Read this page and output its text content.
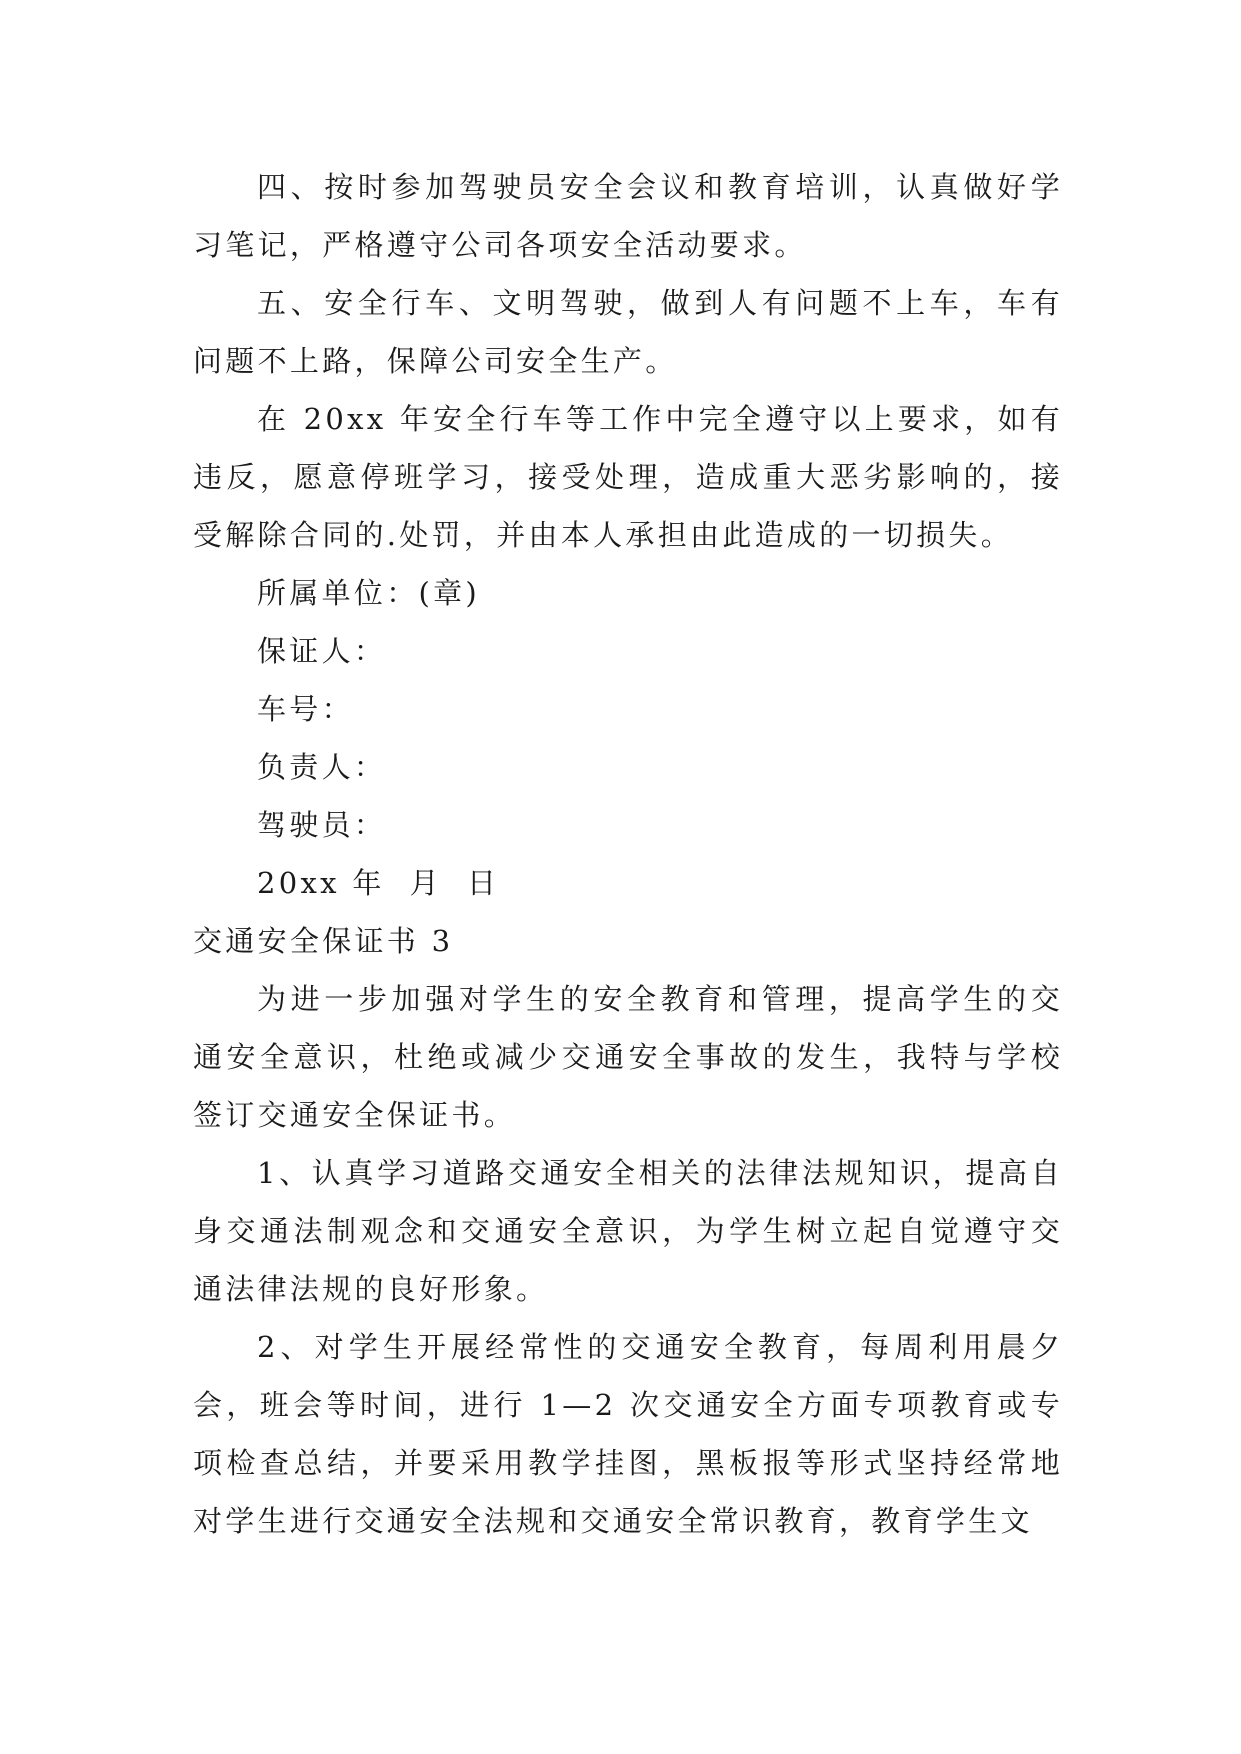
四、按时参加驾驶员安全会议和教育培训，认真做好学习笔记，严格遵守公司各项安全活动要求。

五、安全行车、文明驾驶，做到人有问题不上车，车有问题不上路，保障公司安全生产。

在 20xx 年安全行车等工作中完全遵守以上要求，如有违反，愿意停班学习，接受处理，造成重大恶劣影响的，接受解除合同的.处罚，并由本人承担由此造成的一切损失。

所属单位：(章)

保证人：

车号：

负责人：

驾驶员：

20xx 年  月  日

交通安全保证书 3

为进一步加强对学生的安全教育和管理，提高学生的交通安全意识，杜绝或减少交通安全事故的发生，我特与学校签订交通安全保证书。

1、认真学习道路交通安全相关的法律法规知识，提高自身交通法制观念和交通安全意识，为学生树立起自觉遵守交通法律法规的良好形象。

2、对学生开展经常性的交通安全教育，每周利用晨夕会，班会等时间，进行 1—2 次交通安全方面专项教育或专项检查总结，并要采用教学挂图，黑板报等形式坚持经常地对学生进行交通安全法规和交通安全常识教育，教育学生文
